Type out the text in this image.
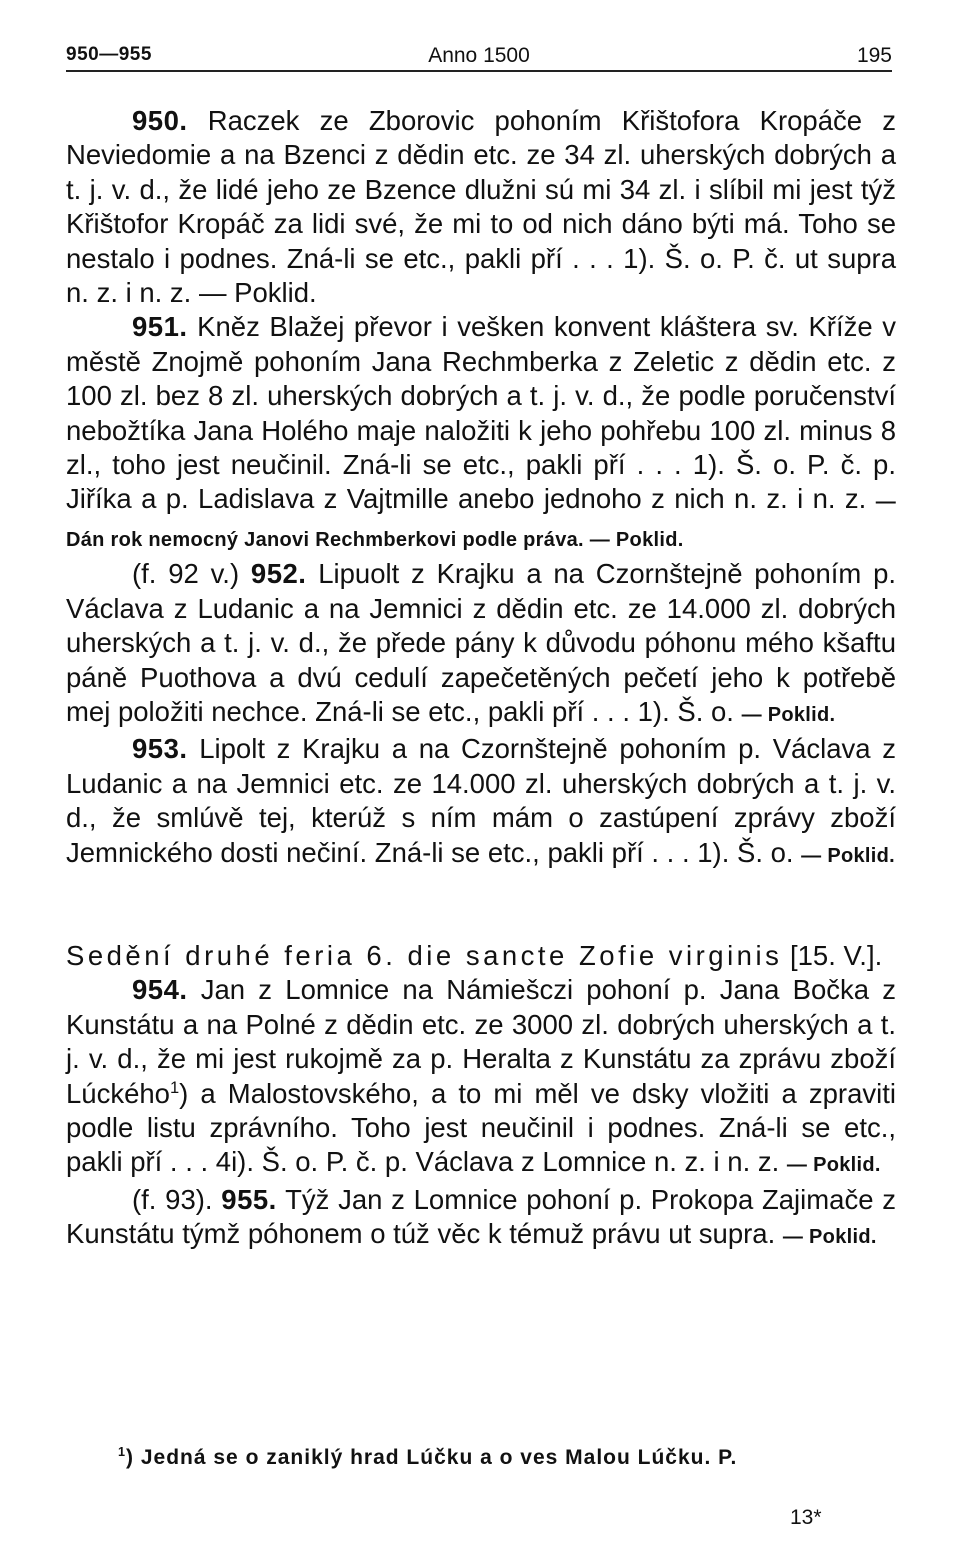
950—955	Anno 1500	195

950. Raczek ze Zborovic pohoním Křištofora Kropáče z Neviedomie a na Bzenci z dědin etc. ze 34 zl. uherských dobrých a t. j. v. d., že lidé jeho ze Bzence dlužni sú mi 34 zl. i slíbil mi jest týž Křištofor Kropáč za lidi své, že mi to od nich dáno býti má. Toho se nestalo i podnes. Zná-li se etc., pakli pří . . . 1). Š. o. P. č. ut supra n. z. i n. z. — Poklid.

951. Kněz Blažej převor i vešken konvent kláštera sv. Kříže v městě Znojmě pohoním Jana Rechmberka z Zeletic z dědin etc. z 100 zl. bez 8 zl. uherských dobrých a t. j. v. d., že podle poručenství nebožtíka Jana Holého maje naložiti k jeho pohřebu 100 zl. minus 8 zl., toho jest neučinil. Zná-li se etc., pakli pří . . . 1). Š. o. P. č. p. Jiříka a p. Ladislava z Vajtmille anebo jednoho z nich n. z. i n. z. — Dán rok nemocný Janovi Rechmberkovi podle práva. — Poklid.

(f. 92 v.) 952. Lipuolt z Krajku a na Czornštejně pohoním p. Václava z Ludanic a na Jemnici z dědin etc. ze 14.000 zl. dobrých uherských a t. j. v. d., že přede pány k důvodu póhonu mého kšaftu páně Puothova a dvú cedulí zapečetěných pečetí jeho k potřebě mej položiti nechce. Zná-li se etc., pakli pří . . . 1). Š. o. — Poklid.

953. Lipolt z Krajku a na Czornštejně pohoním p. Václava z Ludanic a na Jemnici etc. ze 14.000 zl. uherských dobrých a t. j. v. d., že smlúvě tej, kterúž s ním mám o zastúpení zprávy zboží Jemnického dosti nečiní. Zná-li se etc., pakli pří . . . 1). Š. o. — Poklid.

Sedění druhé feria 6. die sancte Zofie virginis [15. V.].

954. Jan z Lomnice na Námiešczi pohoní p. Jana Bočka z Kunstátu a na Polné z dědin etc. ze 3000 zl. dobrých uherských a t. j. v. d., že mi jest rukojmě za p. Heralta z Kunstátu za zprávu zboží Lúckého$^1$) a Malostovského, a to mi měl ve dsky vložiti a zpraviti podle listu zprávního. Toho jest neučinil i podnes. Zná-li se etc., pakli pří . . . 4i). Š. o. P. č. p. Václava z Lomnice n. z. i n. z. — Poklid.

(f. 93). 955. Týž Jan z Lomnice pohoní p. Prokopa Zajimače z Kunstátu týmž póhonem o túž věc k témuž právu ut supra. — Poklid.

$^1$) Jedná se o zaniklý hrad Lúčku a o ves Malou Lúčku. P.

13*
